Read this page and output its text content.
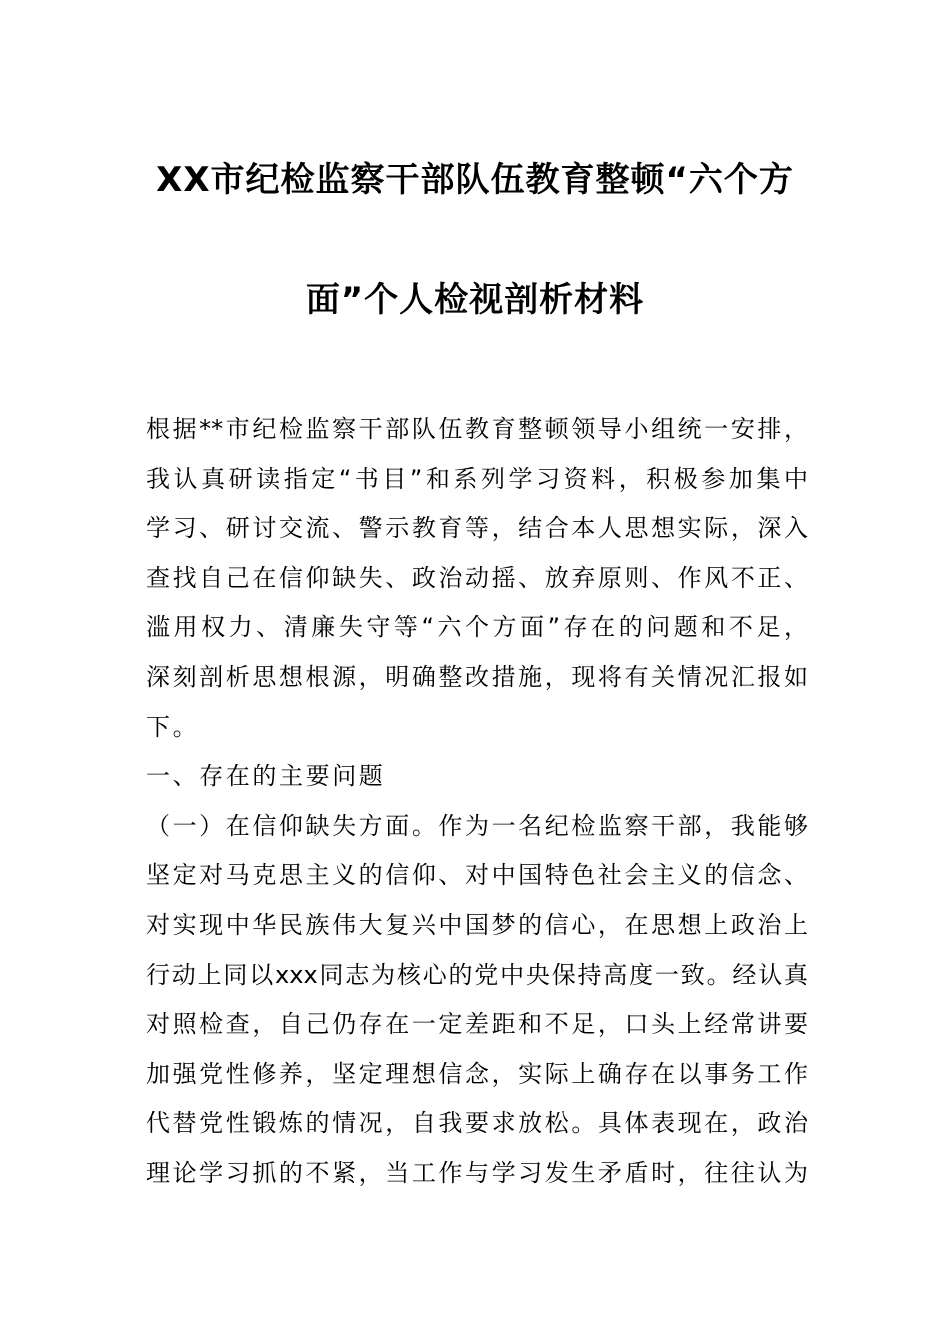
XX市纪检监察干部队伍教育整顿“六个方
面”个人检视剖析材料
根据**市纪检监察干部队伍教育整顿领导小组统一安排，
我认真研读指定“书目”和系列学习资料，积极参加集中
学习、研讨交流、警示教育等，结合本人思想实际，深入
查找自己在信仰缺失、政治动摇、放弃原则、作风不正、
滥用权力、清廉失守等“六个方面”存在的问题和不足，
深刻剖析思想根源，明确整改措施，现将有关情况汇报如
下。
一、存在的主要问题
（一）在信仰缺失方面。作为一名纪检监察干部，我能够
坚定对马克思主义的信仰、对中国特色社会主义的信念、
对实现中华民族伟大复兴中国梦的信心，在思想上政治上
行动上同以xxx同志为核心的党中央保持高度一致。经认真
对照检查，自己仍存在一定差距和不足，口头上经常讲要
加强党性修养，坚定理想信念，实际上确存在以事务工作
代替党性锻炼的情况，自我要求放松。具体表现在，政治
理论学习抓的不紧，当工作与学习发生矛盾时，往往认为
